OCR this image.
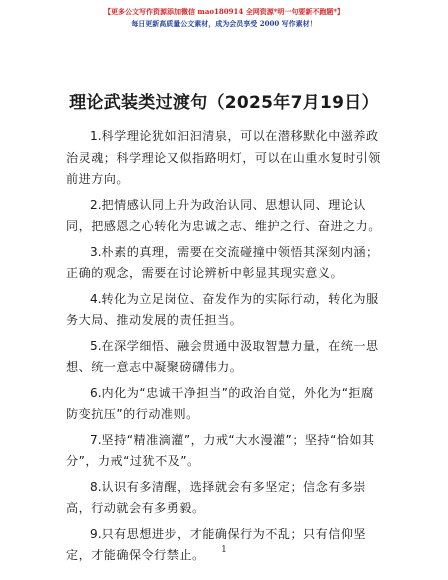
【更多公文写作资源添加微信 mao180914 全网资源*明一句要新不跑题*】
每日更新高质量公文素材，成为会员享受 2000 写作素材！
理论武装类过渡句（2025年7月19日）

1.科学理论犹如汩汩清泉，可以在潜移默化中滋养政治灵魂；科学理论又似指路明灯，可以在山重水复时引领前进方向。

2.把情感认同上升为政治认同、思想认同、理论认同，把感恩之心转化为忠诚之志、维护之行、奋进之力。

3.朴素的真理，需要在交流碰撞中领悟其深刻内涵；正确的观念，需要在讨论辨析中彰显其现实意义。

4.转化为立足岗位、奋发作为的实际行动，转化为服务大局、推动发展的责任担当。

5.在深学细悟、融会贯通中汲取智慧力量，在统一思想、统一意志中凝聚磅礴伟力。

6.内化为“忠诚干净担当”的政治自觉，外化为“拒腐防变抗压”的行动准则。

7.坚持“精准滴灌”，力戒“大水漫灌”；坚持“恰如其分”，力戒“过犹不及”。

8.认识有多清醒，选择就会有多坚定；信念有多崇高，行动就会有多勇毅。

9.只有思想进步，才能确保行为不乱；只有信仰坚定，才能确保令行禁止。	1
